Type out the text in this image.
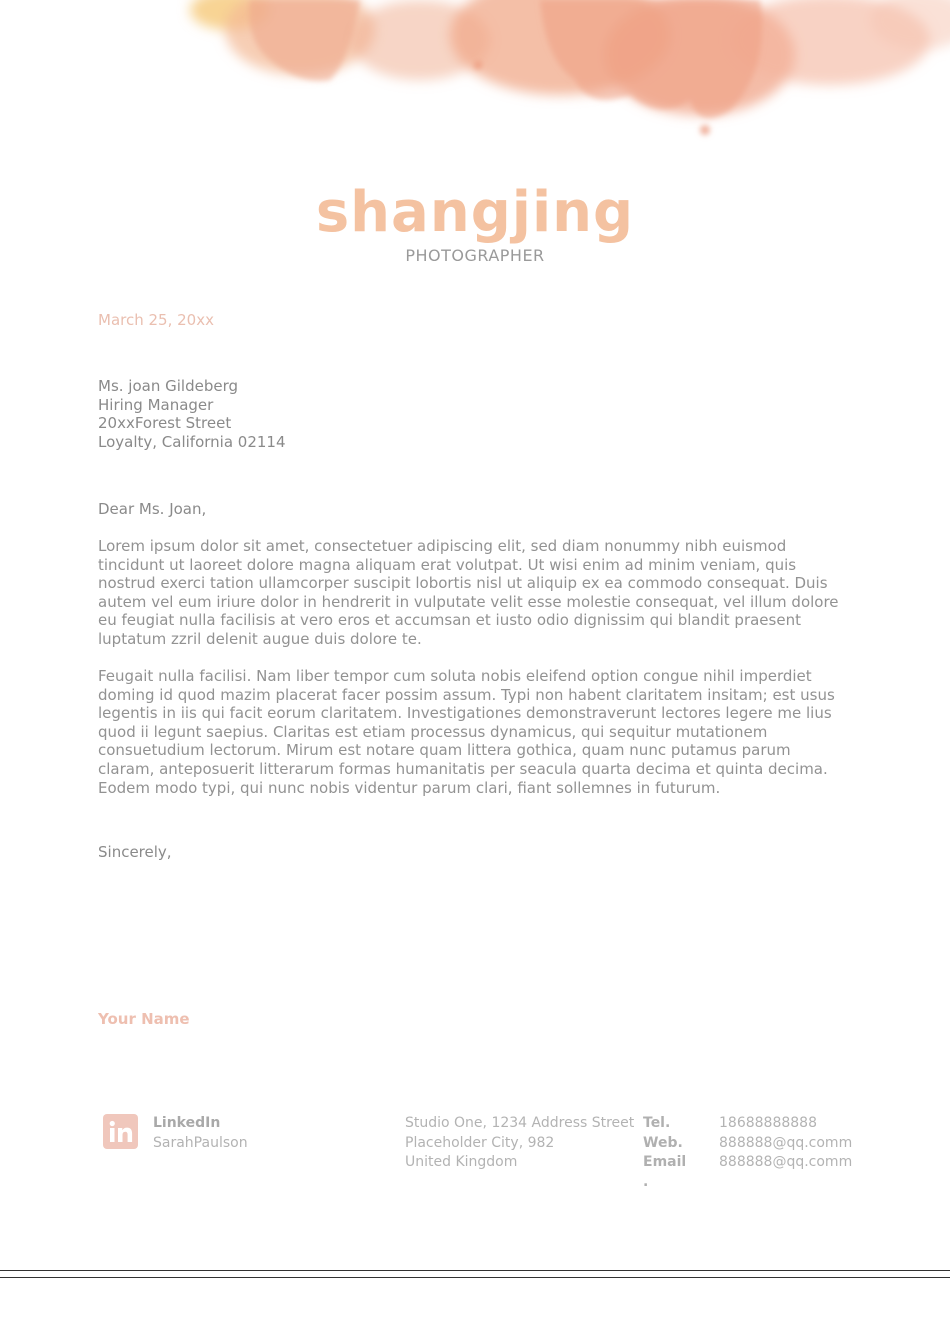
shangjing
PHOTOGRAPHER
March 25, 20xx
Ms. joan Gildeberg
Hiring Manager
20xxForest Street
Loyalty, California 02114
Dear Ms. Joan,
Lorem ipsum dolor sit amet, consectetuer adipiscing elit, sed diam nonummy nibh euismod tincidunt ut laoreet dolore magna aliquam erat volutpat. Ut wisi enim ad minim veniam, quis nostrud exerci tation ullamcorper suscipit lobortis nisl ut aliquip ex ea commodo consequat. Duis autem vel eum iriure dolor in hendrerit in vulputate velit esse molestie consequat, vel illum dolore eu feugiat nulla facilisis at vero eros et accumsan et iusto odio dignissim qui blandit praesent luptatum zzril delenit augue duis dolore te.
Feugait nulla facilisi. Nam liber tempor cum soluta nobis eleifend option congue nihil imperdiet doming id quod mazim placerat facer possim assum. Typi non habent claritatem insitam; est usus legentis in iis qui facit eorum claritatem. Investigationes demonstraverunt lectores legere me lius quod ii legunt saepius. Claritas est etiam processus dynamicus, qui sequitur mutationem consuetudium lectorum. Mirum est notare quam littera gothica, quam nunc putamus parum claram, anteposuerit litterarum formas humanitatis per seacula quarta decima et quinta decima. Eodem modo typi, qui nunc nobis videntur parum clari, fiant sollemnes in futurum.
Sincerely,
Your Name
LinkedIn
SarahPaulson
Studio One, 1234 Address Street
Placeholder City, 982
United Kingdom
Tel.
Web.
Email
.
18688888888
888888@qq.comm
888888@qq.comm
